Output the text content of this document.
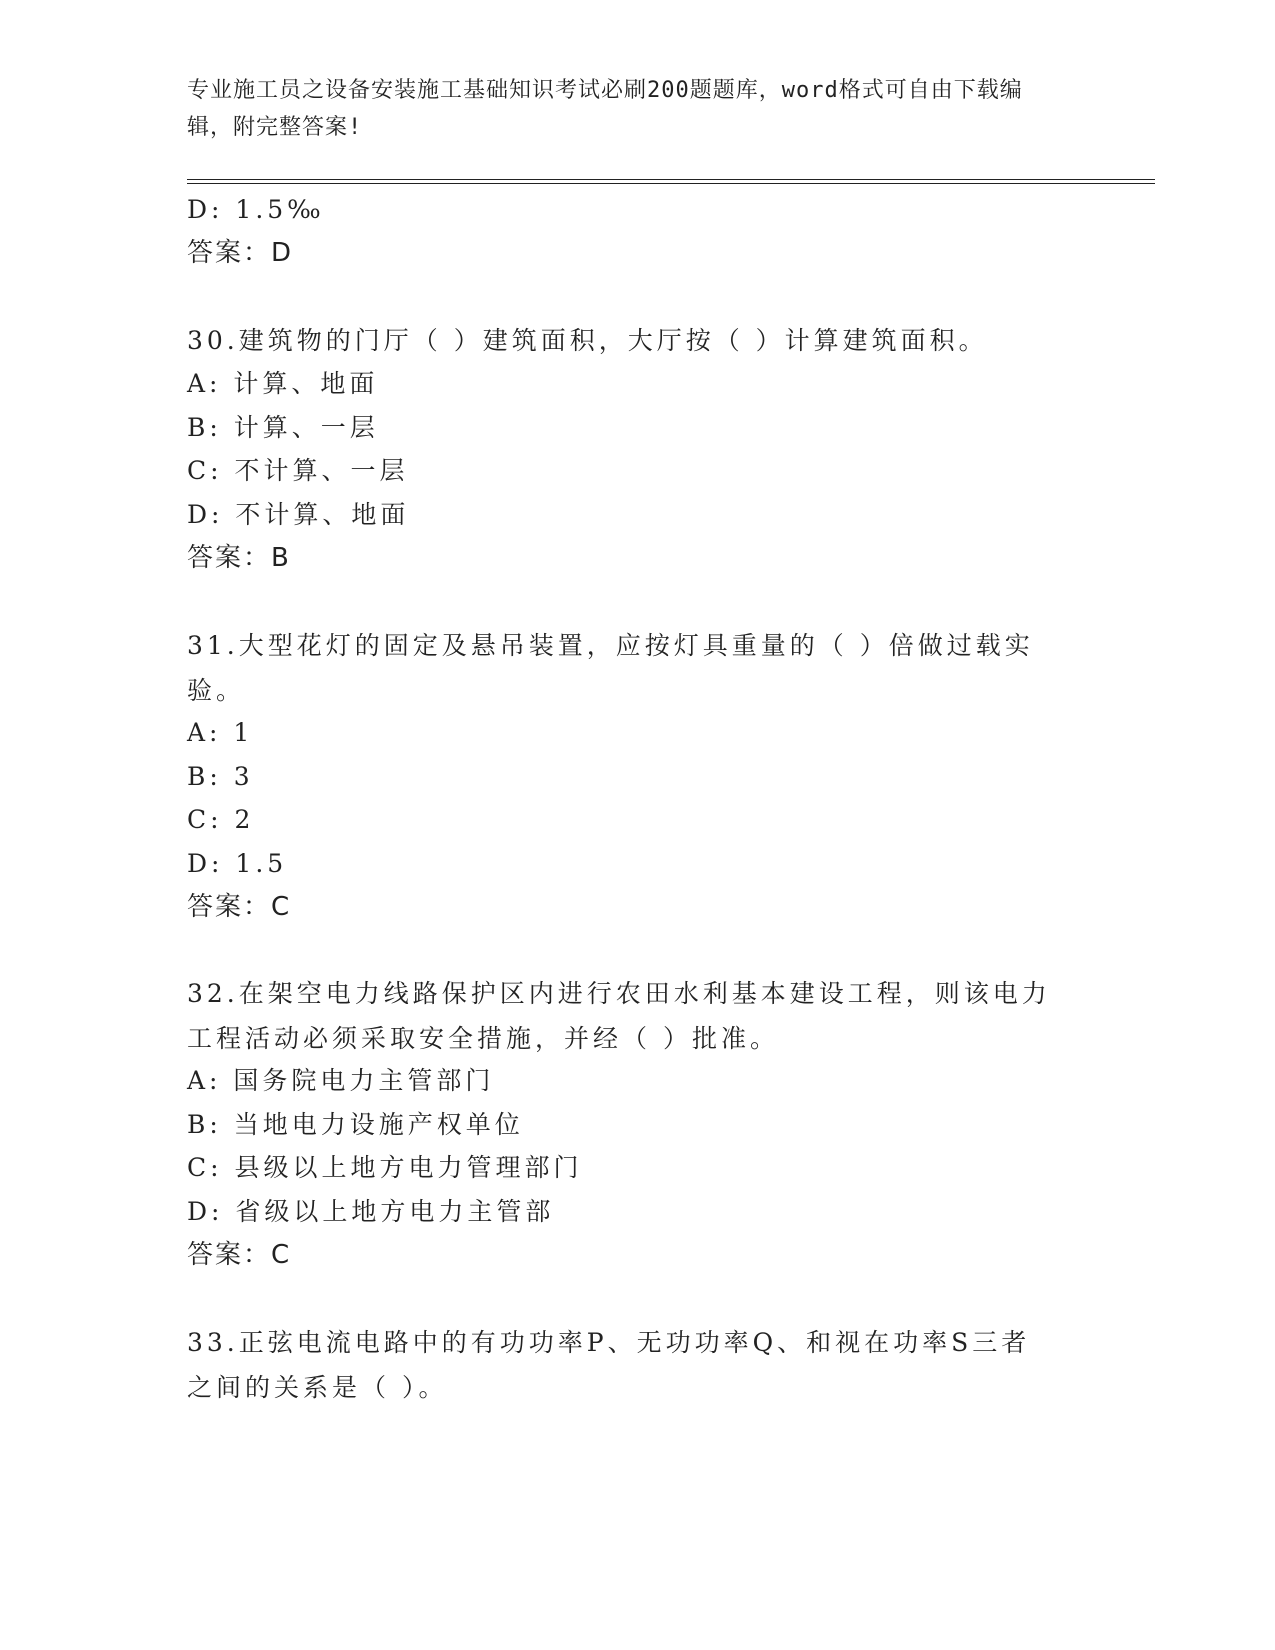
专业施工员之设备安装施工基础知识考试必刷200题题库，word格式可自由下载编辑，附完整答案!
D: 1.5‰
答案：D
30.建筑物的门厅（ ）建筑面积，大厅按（ ）计算建筑面积。
A: 计算、地面
B: 计算、一层
C: 不计算、一层
D: 不计算、地面
答案：B
31.大型花灯的固定及悬吊装置，应按灯具重量的（ ）倍做过载实验。
A: 1
B: 3
C: 2
D: 1.5
答案：C
32.在架空电力线路保护区内进行农田水利基本建设工程，则该电力工程活动必须采取安全措施，并经（ ）批准。
A: 国务院电力主管部门
B: 当地电力设施产权单位
C: 县级以上地方电力管理部门
D: 省级以上地方电力主管部
答案：C
33.正弦电流电路中的有功功率P、无功功率Q、和视在功率S三者之间的关系是（ ）。
